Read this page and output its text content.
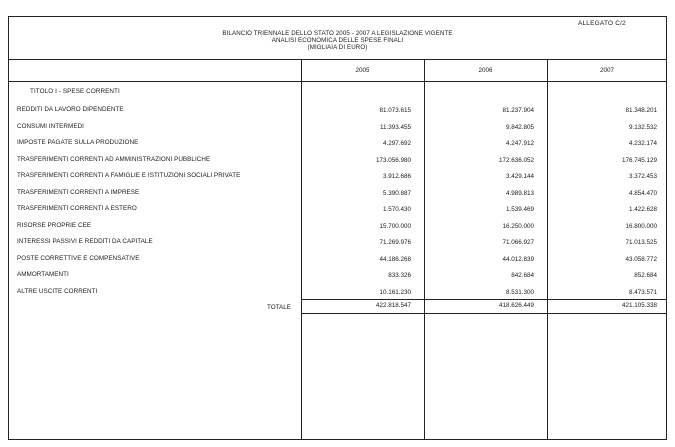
ALLEGATO C/2
BILANCIO TRIENNALE DELLO STATO 2005 - 2007 A LEGISLAZIONE VIGENTE
ANALISI ECONOMICA DELLE SPESE FINALI
(MIGLIAIA DI EURO)
2005	2006	2007
TITOLO I - SPESE CORRENTI
REDDITI DA LAVORO DIPENDENTE	81.073.615	81.237.904	81.348.201
CONSUMI INTERMEDI	11.393.455	9.842.805	9.132.532
IMPOSTE PAGATE SULLA PRODUZIONE	4.297.692	4.247.912	4.232.174
TRASFERIMENTI CORRENTI AD AMMINISTRAZIONI PUBBLICHE	173.056.980	172.636.052	176.745.129
TRASFERIMENTI CORRENTI A FAMIGLIE E ISTITUZIONI SOCIALI PRIVATE	3.912.686	3.429.144	3.372.453
TRASFERIMENTI CORRENTI A IMPRESE	5.390.887	4.989.813	4.854.470
TRASFERIMENTI CORRENTI A ESTERO	1.570.430	1.539.469	1.422.628
RISORSE PROPRIE CEE	15.700.000	16.250.000	16.800.000
INTERESSI PASSIVI E REDDITI DA CAPITALE	71.269.976	71.066.927	71.013.525
POSTE CORRETTIVE E COMPENSATIVE	44.186.268	44.012.839	43.058.772
AMMORTAMENTI	833.326	842.684	852.684
ALTRE USCITE CORRENTI	10.161.230	8.531.300	8.473.571
TOTALE	422.818.547	418.626.449	421.105.338
